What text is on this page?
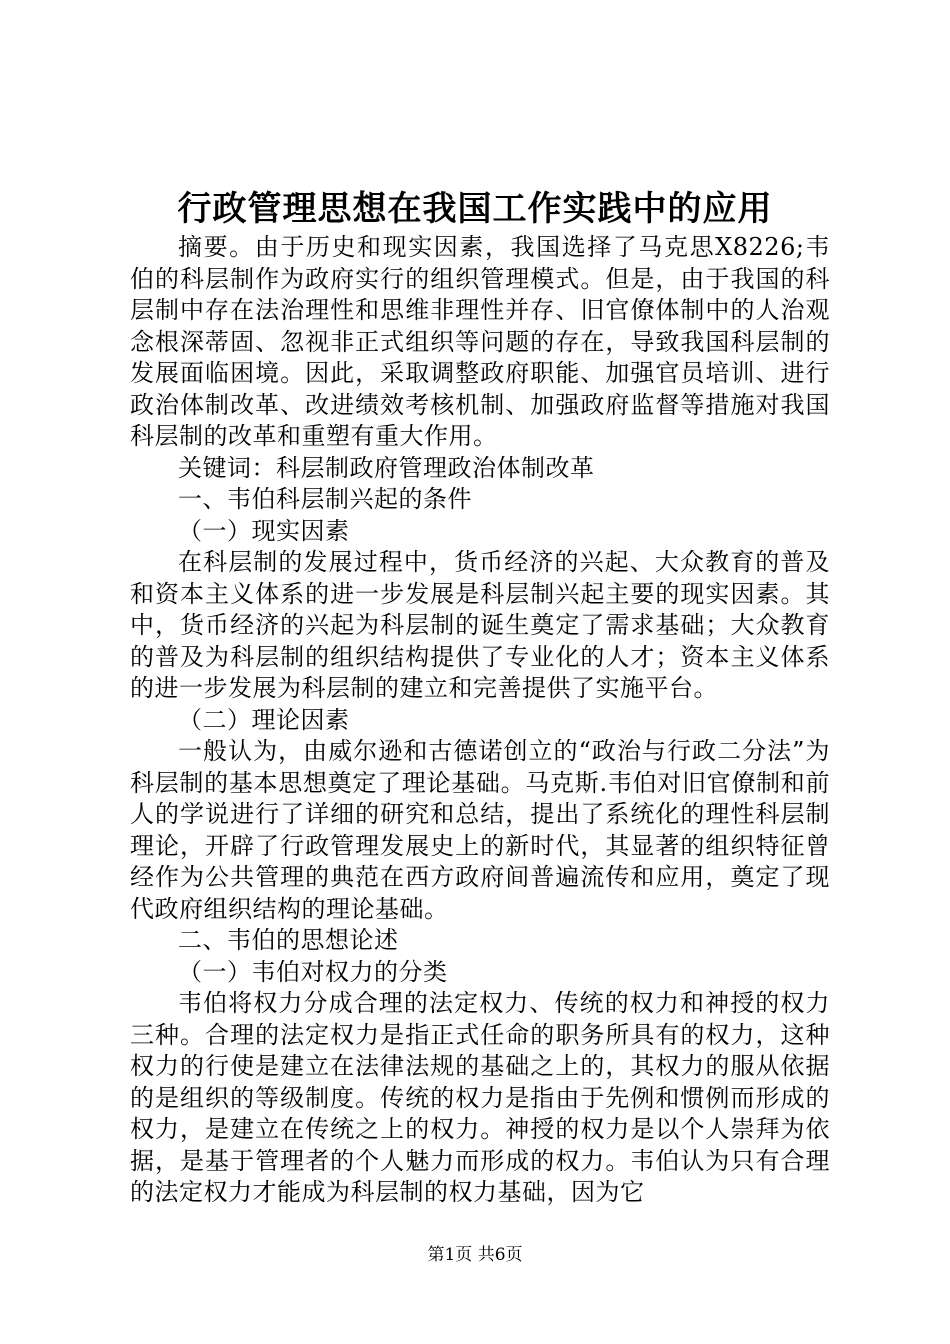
行政管理思想在我国工作实践中的应用

摘要。由于历史和现实因素，我国选择了马克思X8226;韦伯的科层制作为政府实行的组织管理模式。但是，由于我国的科层制中存在法治理性和思维非理性并存、旧官僚体制中的人治观念根深蒂固、忽视非正式组织等问题的存在，导致我国科层制的发展面临困境。因此，采取调整政府职能、加强官员培训、进行政治体制改革、改进绩效考核机制、加强政府监督等措施对我国科层制的改革和重塑有重大作用。

关键词：科层制政府管理政治体制改革

一、韦伯科层制兴起的条件

（一）现实因素

在科层制的发展过程中，货币经济的兴起、大众教育的普及和资本主义体系的进一步发展是科层制兴起主要的现实因素。其中，货币经济的兴起为科层制的诞生奠定了需求基础；大众教育的普及为科层制的组织结构提供了专业化的人才；资本主义体系的进一步发展为科层制的建立和完善提供了实施平台。

（二）理论因素

一般认为，由威尔逊和古德诺创立的“政治与行政二分法”为科层制的基本思想奠定了理论基础。马克斯.韦伯对旧官僚制和前人的学说进行了详细的研究和总结，提出了系统化的理性科层制理论，开辟了行政管理发展史上的新时代，其显著的组织特征曾经作为公共管理的典范在西方政府间普遍流传和应用，奠定了现代政府组织结构的理论基础。

二、韦伯的思想论述

（一）韦伯对权力的分类

韦伯将权力分成合理的法定权力、传统的权力和神授的权力三种。合理的法定权力是指正式任命的职务所具有的权力，这种权力的行使是建立在法律法规的基础之上的，其权力的服从依据的是组织的等级制度。传统的权力是指由于先例和惯例而形成的权力，是建立在传统之上的权力。神授的权力是以个人崇拜为依据，是基于管理者的个人魅力而形成的权力。韦伯认为只有合理的法定权力才能成为科层制的权力基础，因为它

第1页 共6页
